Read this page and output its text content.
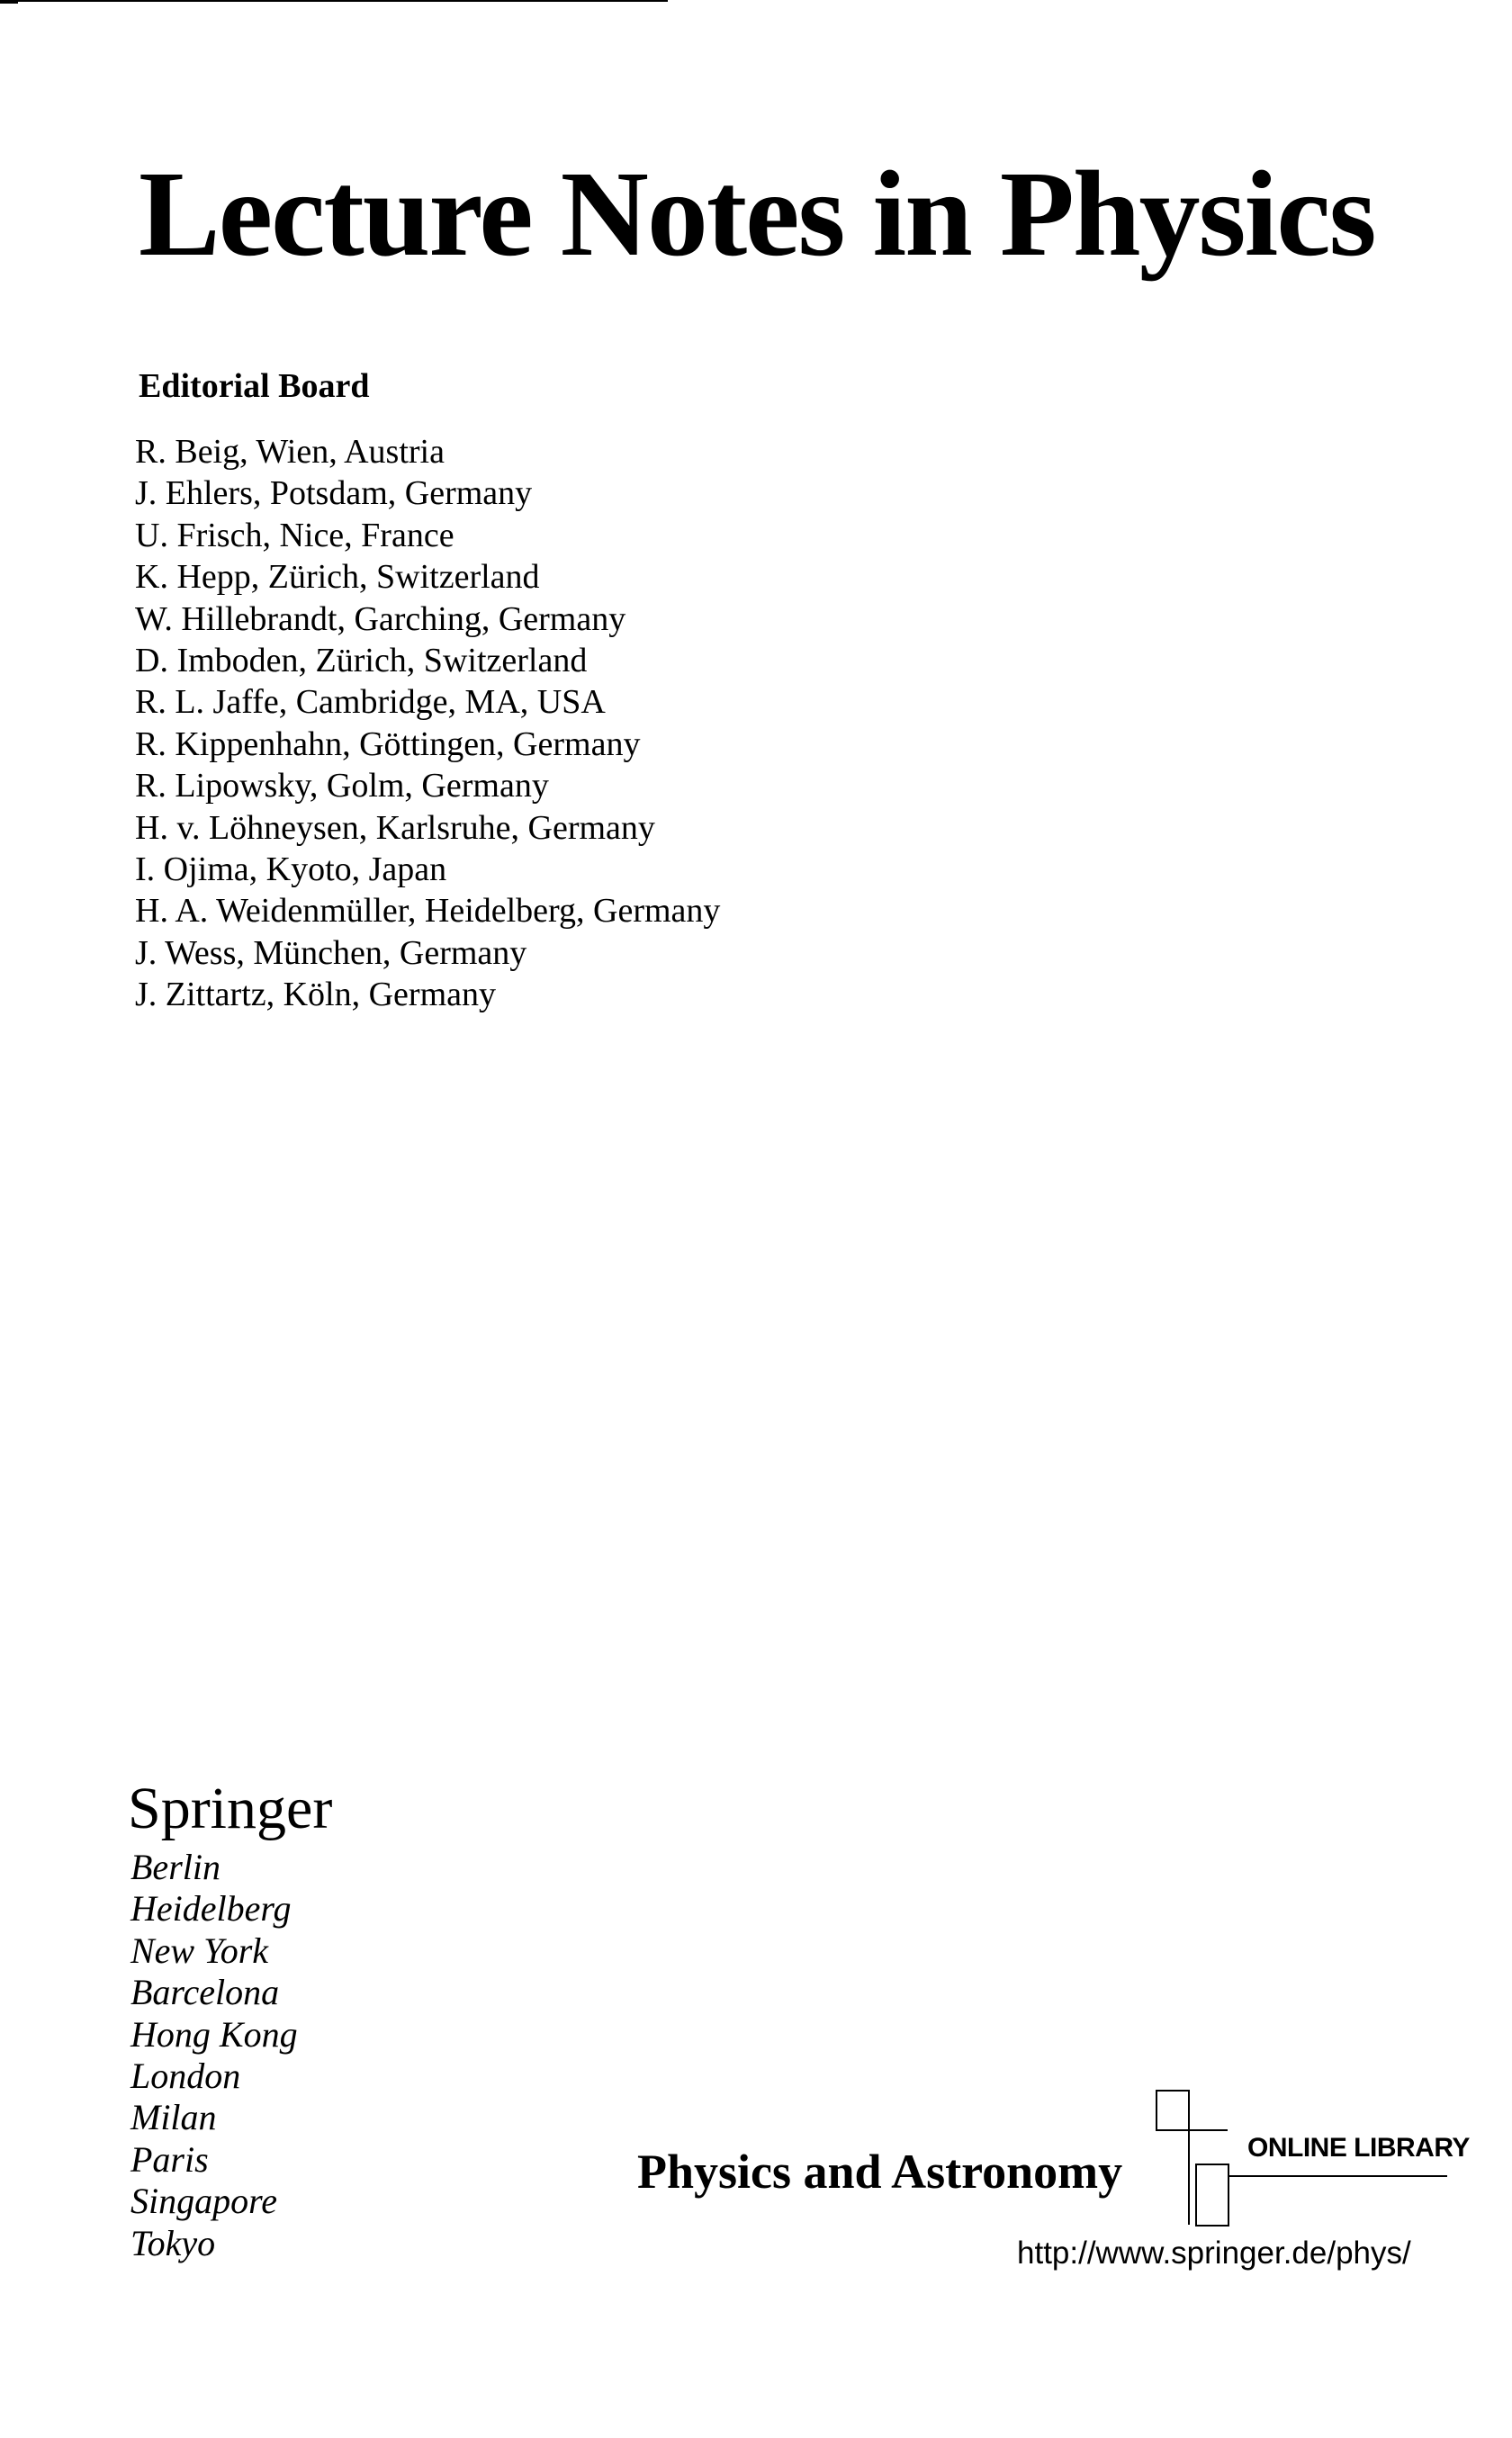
Lecture Notes in Physics
Editorial Board
R. Beig, Wien, Austria
J. Ehlers, Potsdam, Germany
U. Frisch, Nice, France
K. Hepp, Zürich, Switzerland
W. Hillebrandt, Garching, Germany
D. Imboden, Zürich, Switzerland
R. L. Jaffe, Cambridge, MA, USA
R. Kippenhahn, Göttingen, Germany
R. Lipowsky, Golm, Germany
H. v. Löhneysen, Karlsruhe, Germany
I. Ojima, Kyoto, Japan
H. A. Weidenmüller, Heidelberg, Germany
J. Wess, München, Germany
J. Zittartz, Köln, Germany
Springer
Berlin
Heidelberg
New York
Barcelona
Hong Kong
London
Milan
Paris
Singapore
Tokyo
Physics and Astronomy	ONLINE LIBRARY
http://www.springer.de/phys/
